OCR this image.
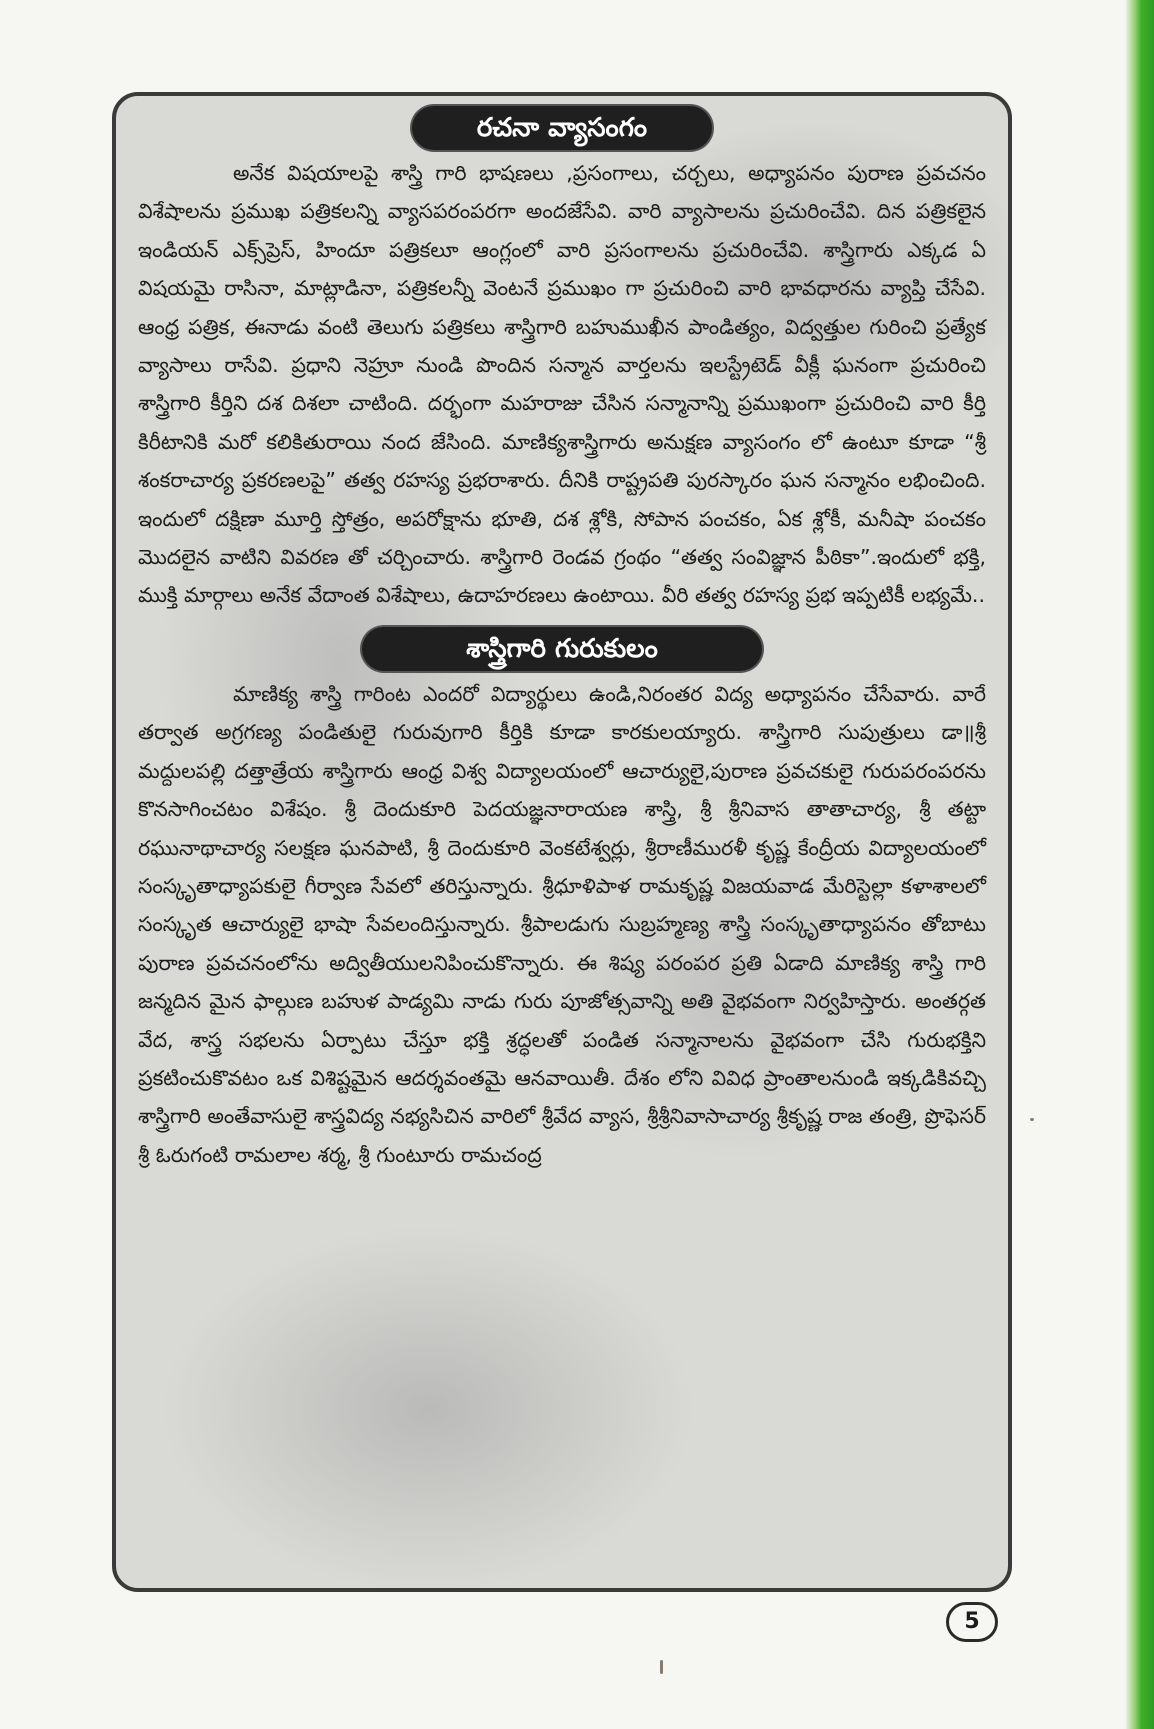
రచనా వ్యాసంగం

అనేక విషయాలపై శాస్త్రి గారి భాషణలు ,ప్రసంగాలు, చర్చలు, అధ్యాపనం పురాణ ప్రవచనం విశేషాలను ప్రముఖ పత్రికలన్ని వ్యాసపరంపరగా అందజేసేవి. వారి వ్యాసాలను ప్రచురించేవి. దిన పత్రికలైన ఇండియన్ ఎక్స్‌ప్రెస్, హిందూ పత్రికలూ ఆంగ్లంలో వారి ప్రసంగాలను ప్రచురించేవి. శాస్త్రిగారు ఎక్కడ ఏ విషయమై రాసినా, మాట్లాడినా, పత్రికలన్నీ వెంటనే ప్రముఖం గా ప్రచురించి వారి భావధారను వ్యాప్తి చేసేవి. ఆంధ్ర పత్రిక, ఈనాడు వంటి తెలుగు పత్రికలు శాస్త్రిగారి బహుముఖీన పాండిత్యం, విద్వత్తుల గురించి ప్రత్యేక వ్యాసాలు రాసేవి. ప్రధాని నెహ్రూ నుండి పొందిన సన్మాన వార్తలను ఇలస్ట్రేటెడ్ వీక్లీ ఘనంగా ప్రచురించి శాస్త్రిగారి కీర్తిని దశ దిశలా చాటింది. దర్భంగా మహరాజు చేసిన సన్మానాన్ని ప్రముఖంగా ప్రచురించి వారి కీర్తి కిరీటానికి మరో కలికితురాయి నంద జేసింది. మాణిక్యశాస్త్రిగారు అనుక్షణ వ్యాసంగం లో ఉంటూ కూడా “శ్రీ శంకరాచార్య ప్రకరణలపై” తత్వ రహస్య ప్రభరాశారు. దీనికి రాష్ట్రపతి పురస్కారం ఘన సన్మానం లభించింది. ఇందులో దక్షిణా మూర్తి స్తోత్రం, అపరోక్షాను భూతి, దశ శ్లోకి, సోపాన పంచకం, ఏక శ్లోకీ, మనీషా పంచకం మొదలైన వాటిని వివరణ తో చర్చించారు. శాస్త్రిగారి రెండవ గ్రంథం “తత్వ సంవిజ్ఞాన పీఠికా”.ఇందులో భక్తి, ముక్తి మార్గాలు అనేక వేదాంత విశేషాలు, ఉదాహరణలు ఉంటాయి. వీరి తత్వ రహస్య ప్రభ ఇప్పటికీ లభ్యమే..

శాస్త్రిగారి గురుకులం

మాణిక్య శాస్త్రి గారింట ఎందరో విద్యార్థులు ఉండి,నిరంతర విద్య అధ్యాపనం చేసేవారు. వారే తర్వాత అగ్రగణ్య పండితులై గురువుగారి కీర్తికి కూడా కారకులయ్యారు. శాస్త్రిగారి సుపుత్రులు డా॥శ్రీ మద్దులపల్లి దత్తాత్రేయ శాస్త్రిగారు ఆంధ్ర విశ్వ విద్యాలయంలో ఆచార్యులై,పురాణ ప్రవచకులై గురుపరంపరను కొనసాగించటం విశేషం. శ్రీ దెందుకూరి పెదయజ్ఞనారాయణ శాస్త్రి, శ్రీ శ్రీనివాస తాతాచార్య, శ్రీ తట్టా రఘునాథాచార్య సలక్షణ ఘనపాటి, శ్రీ దెందుకూరి వెంకటేశ్వర్లు, శ్రీరాణీమురళీ కృష్ణ కేంద్రీయ విద్యాలయంలో సంస్కృతాధ్యాపకులై గీర్వాణ సేవలో తరిస్తున్నారు. శ్రీధూళిపాళ రామకృష్ణ విజయవాడ మేరిస్టెల్లా కళాశాలలో సంస్కృత ఆచార్యులై భాషా సేవలందిస్తున్నారు. శ్రీపాలడుగు సుబ్రహ్మణ్య శాస్త్రి సంస్కృతాధ్యాపనం తోబాటు పురాణ ప్రవచనంలోను అద్వితీయులనిపించుకొన్నారు. ఈ శిష్య పరంపర ప్రతి ఏడాది మాణిక్య శాస్త్రి గారి జన్మదిన మైన ఫాల్గుణ బహుళ పాడ్యమి నాడు గురు పూజోత్సవాన్ని అతి వైభవంగా నిర్వహిస్తారు. అంతర్గత వేద, శాస్త్ర సభలను ఏర్పాటు చేస్తూ భక్తి శ్రద్ధలతో పండిత సన్మానాలను వైభవంగా చేసి గురుభక్తిని ప్రకటించుకొవటం ఒక విశిష్టమైన ఆదర్శవంతమై ఆనవాయితీ. దేశం లోని వివిధ ప్రాంతాలనుండి ఇక్కడికివచ్చి శాస్త్రిగారి అంతేవాసులై శాస్త్రవిద్య నభ్యసిచిన వారిలో శ్రీవేద వ్యాస, శ్రీశ్రీనివాసాచార్య శ్రీకృష్ణ రాజ తంత్రి, ప్రొఫెసర్ శ్రీ ఓరుగంటి రామలాల శర్మ, శ్రీ గుంటూరు రామచంద్ర

5
